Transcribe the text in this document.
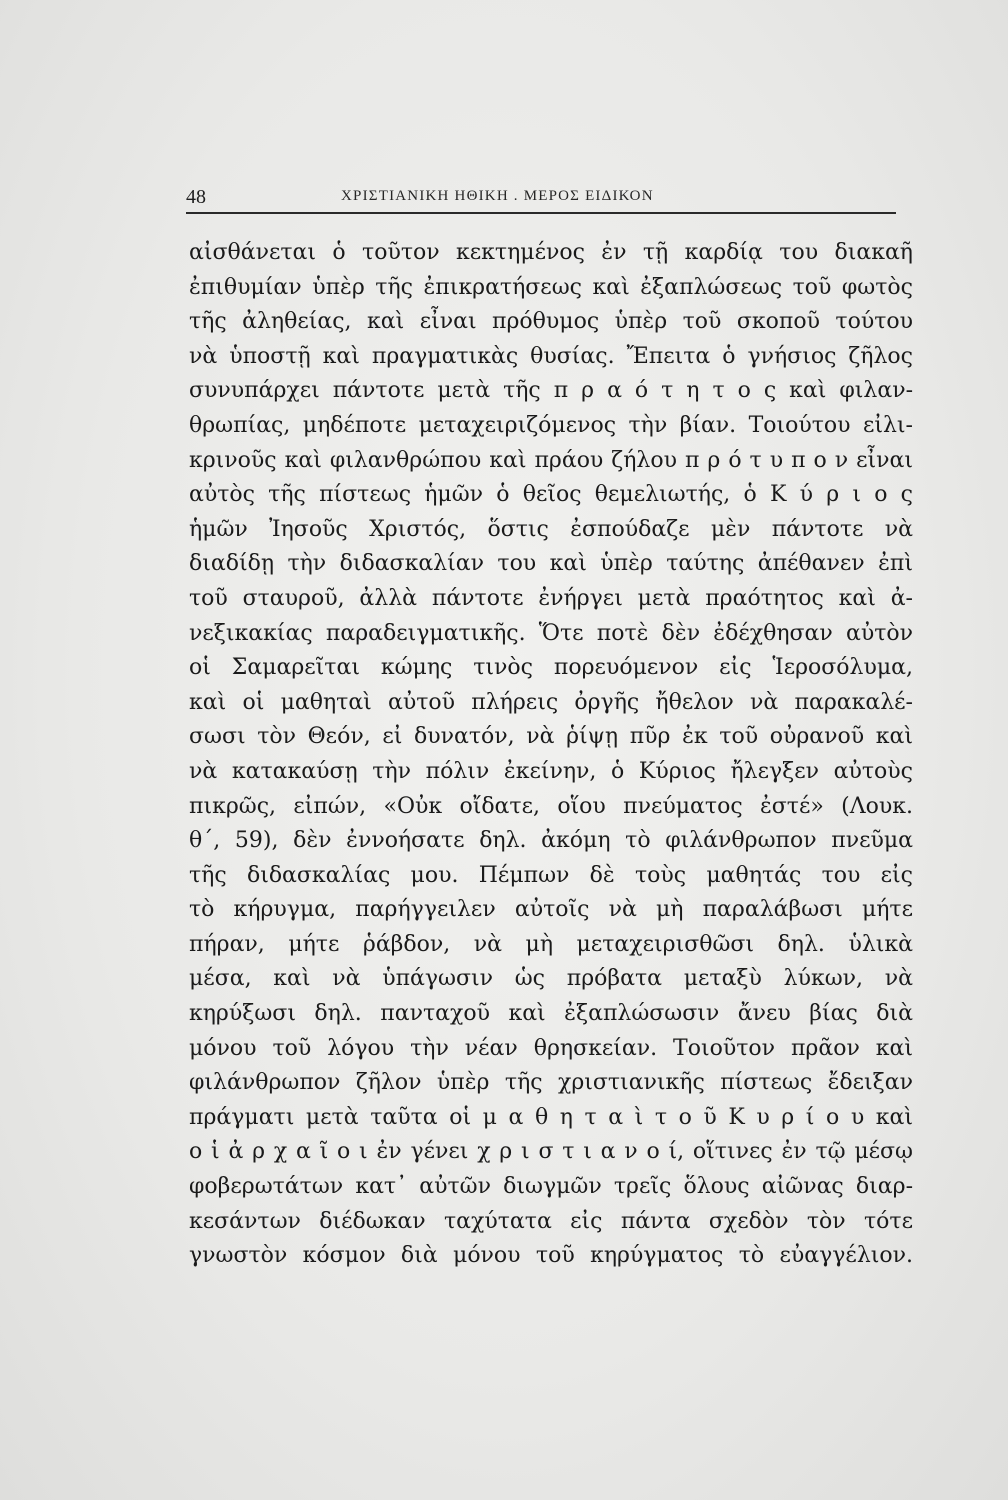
48	ΧΡΙΣΤΙΑΝΙΚΗ ΗΘΙΚΗ . ΜΕΡΟΣ ΕΙΔΙΚΟΝ
αἰσθάνεται ὁ τοῦτον κεκτημένος ἐν τῇ καρδίᾳ του διακαῆ
ἐπιθυμίαν ὑπὲρ τῆς ἐπικρατήσεως καὶ ἐξαπλώσεως τοῦ φωτὸς
τῆς ἀληθείας, καὶ εἶναι πρόθυμος ὑπὲρ τοῦ σκοποῦ τούτου
νὰ ὑποστῇ καὶ πραγματικὰς θυσίας. Ἔπειτα ὁ γνήσιος ζῆλος
συνυπάρχει πάντοτε μετὰ τῆς π ρ α ό τ η τ ο ς καὶ φιλαν-
θρωπίας, μηδέποτε μεταχειριζόμενος τὴν βίαν. Τοιούτου εἰλι-
κρινοῦς καὶ φιλανθρώπου καὶ πράου ζήλου π ρ ό τ υ π ο ν εἶναι
αὐτὸς τῆς πίστεως ἡμῶν ὁ θεῖος θεμελιωτής, ὁ Κ ύ ρ ι ο ς
ἡμῶν Ἰησοῦς Χριστός, ὅστις ἐσπούδαζε μὲν πάντοτε νὰ
διαδίδῃ τὴν διδασκαλίαν του καὶ ὑπὲρ ταύτης ἀπέθανεν ἐπὶ
τοῦ σταυροῦ, ἀλλὰ πάντοτε ἐνήργει μετὰ πραότητος καὶ ἀ-
νεξικακίας παραδειγματικῆς. Ὅτε ποτὲ δὲν ἐδέχθησαν αὐτὸν
οἱ Σαμαρεῖται κώμης τινὸς πορευόμενον εἰς Ἱεροσόλυμα,
καὶ οἱ μαθηταὶ αὐτοῦ πλήρεις ὀργῆς ἤθελον νὰ παρακαλέ-
σωσι τὸν Θεόν, εἰ δυνατόν, νὰ ῥίψῃ πῦρ ἐκ τοῦ οὐρανοῦ καὶ
νὰ κατακαύσῃ τὴν πόλιν ἐκείνην, ὁ Κύριος ἤλεγξεν αὐτοὺς
πικρῶς, εἰπών, «Οὐκ οἴδατε, οἵου πνεύματος ἐστέ» (Λουκ.
θ΄, 59), δὲν ἐννοήσατε δηλ. ἀκόμη τὸ φιλάνθρωπον πνεῦμα
τῆς διδασκαλίας μου. Πέμπων δὲ τοὺς μαθητάς του εἰς
τὸ κήρυγμα, παρήγγειλεν αὐτοῖς νὰ μὴ παραλάβωσι μήτε
πήραν, μήτε ῥάβδον, νὰ μὴ μεταχειρισθῶσι δηλ. ὑλικὰ
μέσα, καὶ νὰ ὑπάγωσιν ὡς πρόβατα μεταξὺ λύκων, νὰ
κηρύξωσι δηλ. πανταχοῦ καὶ ἐξαπλώσωσιν ἄνευ βίας διὰ
μόνου τοῦ λόγου τὴν νέαν θρησκείαν. Τοιοῦτον πρᾶον καὶ
φιλάνθρωπον ζῆλον ὑπὲρ τῆς χριστιανικῆς πίστεως ἔδειξαν
πράγματι μετὰ ταῦτα οἱ μ α θ η τ α ὶ τ ο ῦ Κ υ ρ ί ο υ καὶ
ο ἱ ἀ ρ χ α ῖ ο ι ἐν γένει χ ρ ι σ τ ι α ν ο ί, οἵτινες ἐν τῷ μέσῳ
φοβερωτάτων κατ᾽ αὐτῶν διωγμῶν τρεῖς ὅλους αἰῶνας διαρ-
κεσάντων διέδωκαν ταχύτατα εἰς πάντα σχεδὸν τὸν τότε
γνωστὸν κόσμον διὰ μόνου τοῦ κηρύγματος τὸ εὐαγγέλιον.
